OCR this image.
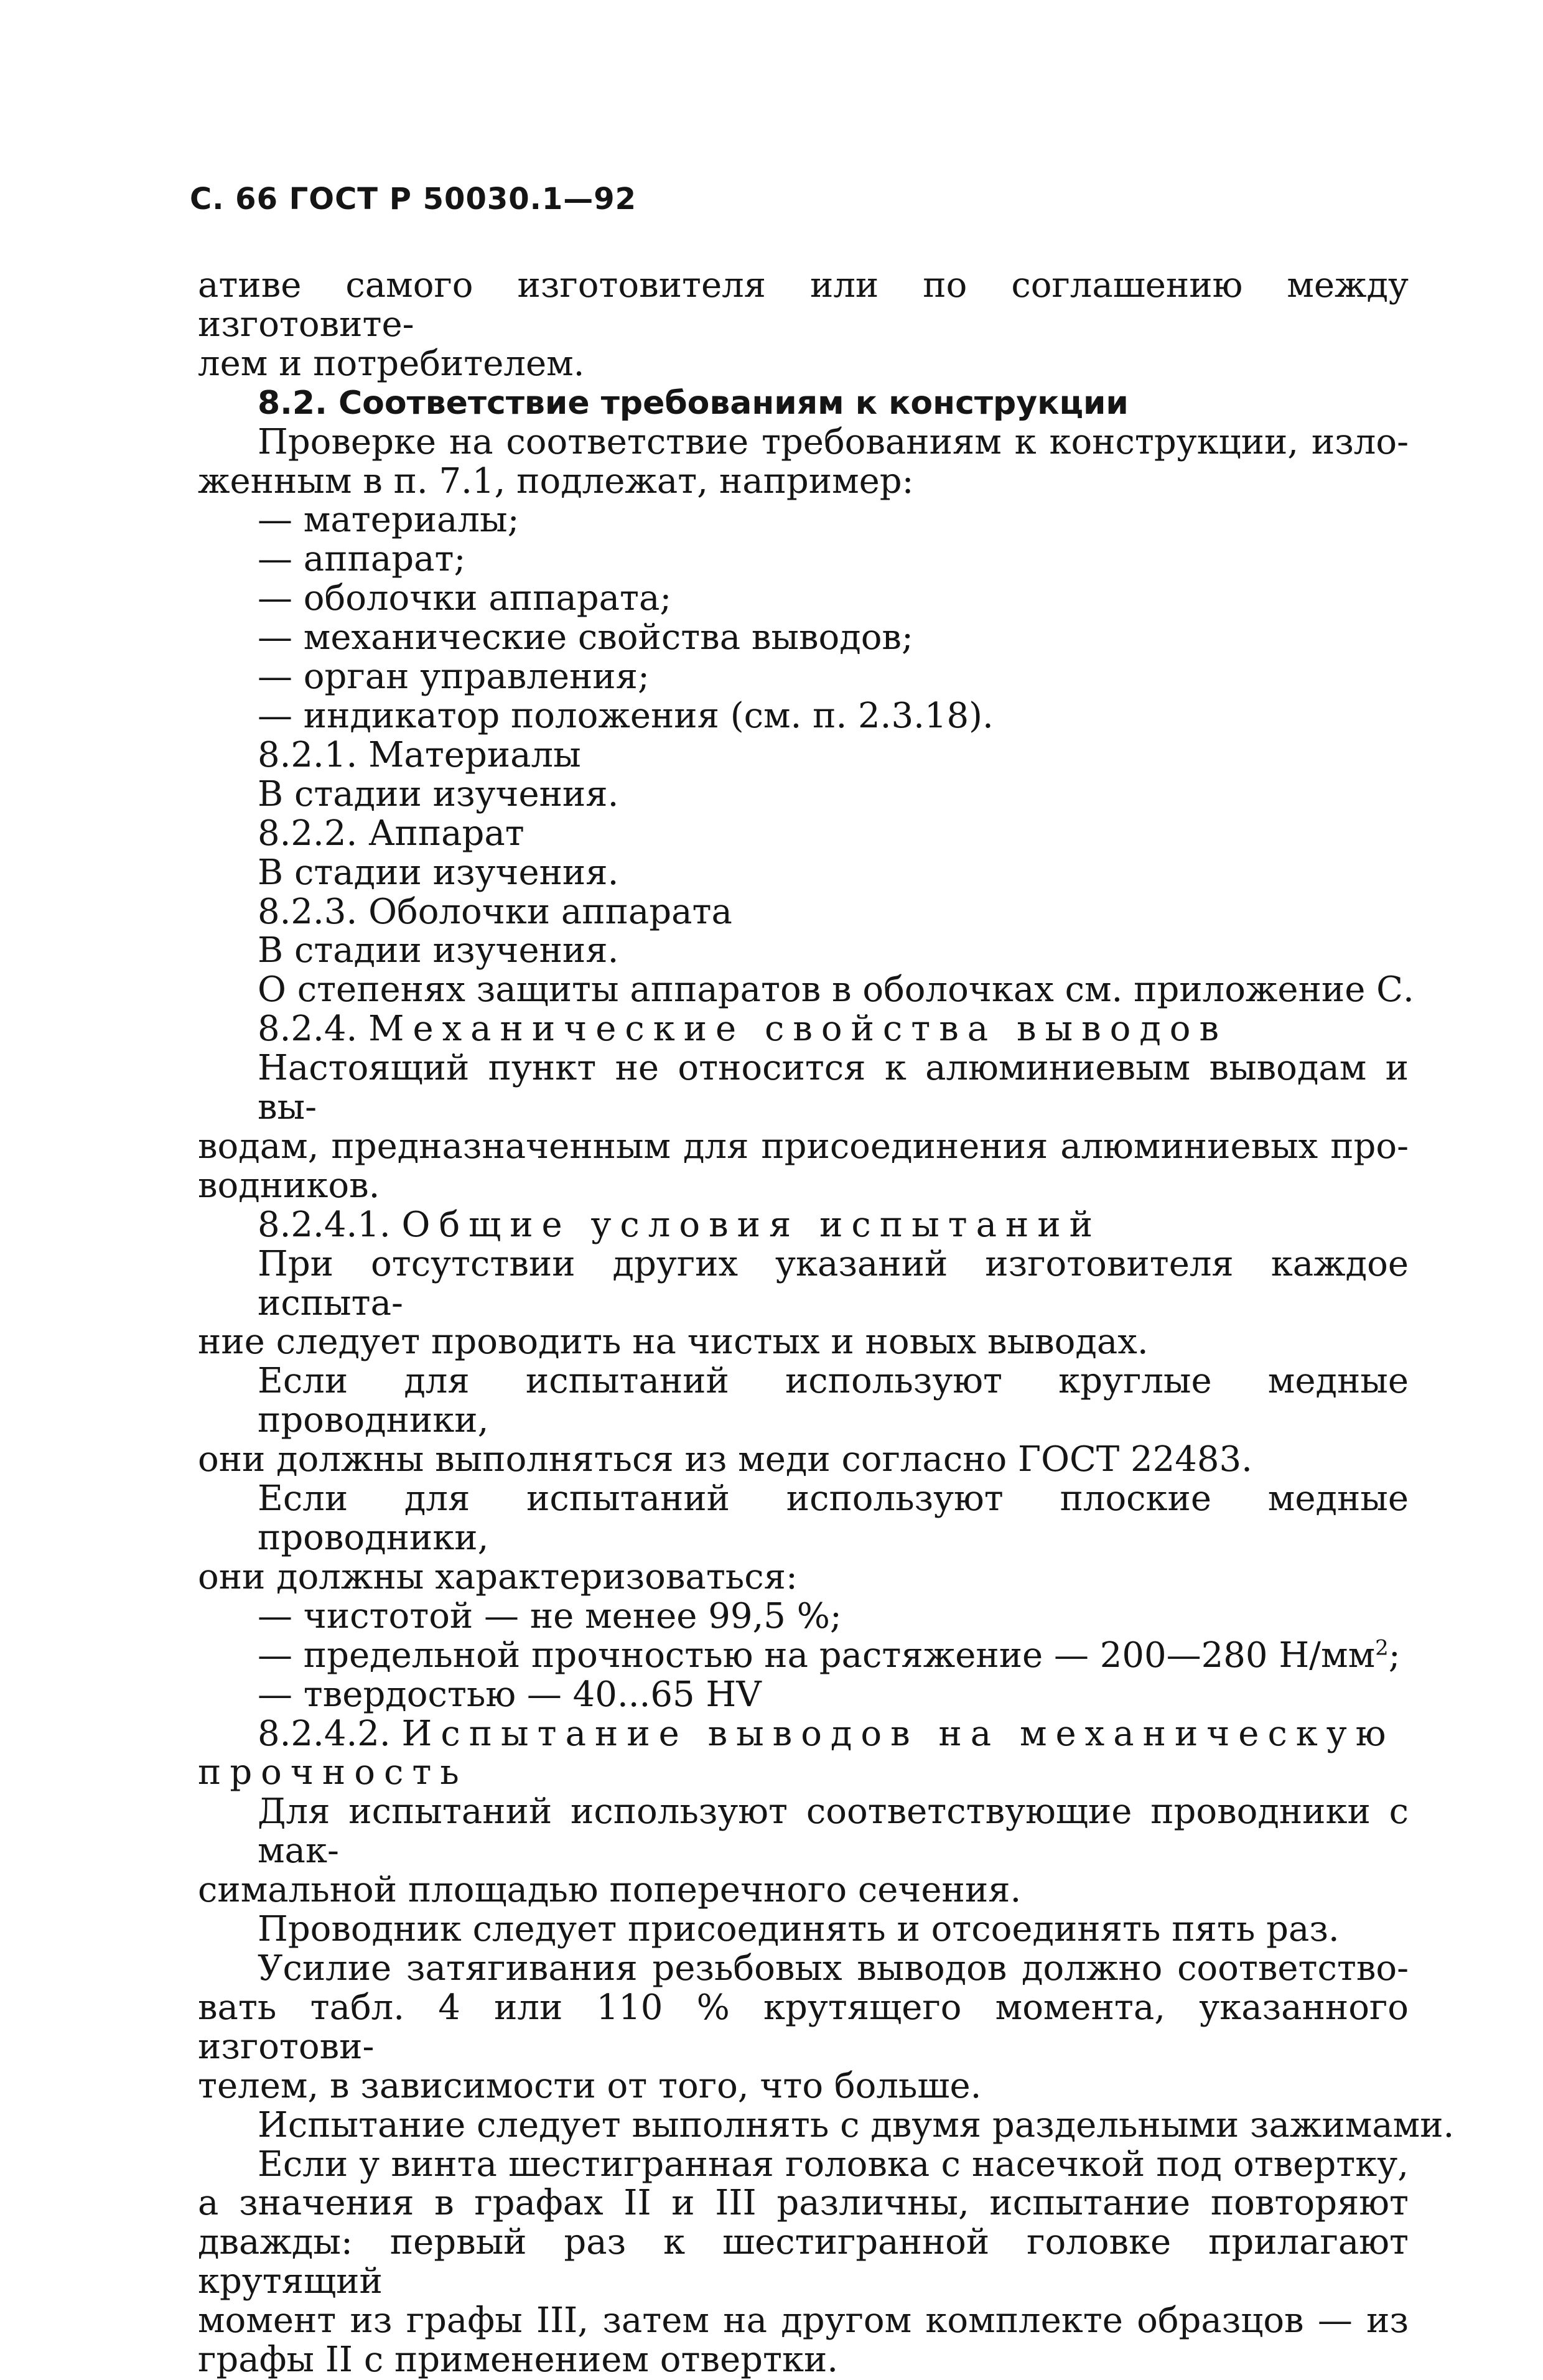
С. 66 ГОСТ Р 50030.1—92

ативе самого изготовителя или по соглашению между изготовите-

лем и потребителем.

8.2. Соответствие требованиям к конструкции

Проверке на соответствие требованиям к конструкции, изло-

женным в п. 7.1, подлежат, например:

— материалы;

— аппарат;

— оболочки аппарата;

— механические свойства выводов;

— орган управления;

— индикатор положения (см. п. 2.3.18).

8.2.1. Материалы

В стадии изучения.

8.2.2. Аппарат

В стадии изучения.

8.2.3. Оболочки аппарата

В стадии изучения.

О степенях защиты аппаратов в оболочках см. приложение С.

8.2.4. Механические свойства выводов

Настоящий пункт не относится к алюминиевым выводам и вы-

водам, предназначенным для присоединения алюминиевых про-

водников.

8.2.4.1. Общие условия испытаний

При отсутствии других указаний изготовителя каждое испыта-

ние следует проводить на чистых и новых выводах.

Если для испытаний используют круглые медные проводники,

они должны выполняться из меди согласно ГОСТ 22483.

Если для испытаний используют плоские медные проводники,

они должны характеризоваться:

— чистотой — не менее 99,5 %;

— предельной прочностью на растяжение — 200—280 $Н/мм^2$;

— твердостью — 40...65 HV

8.2.4.2. Испытание выводов на механическую

прочность

Для испытаний используют соответствующие проводники с мак-

симальной площадью поперечного сечения.

Проводник следует присоединять и отсоединять пять раз.

Усилие затягивания резьбовых выводов должно соответство-

вать табл. 4 или 110 % крутящего момента, указанного изготови-

телем, в зависимости от того, что больше.

Испытание следует выполнять с двумя раздельными зажимами.

Если у винта шестигранная головка с насечкой под отвертку,

а значения в графах II и III различны, испытание повторяют

дважды: первый раз к шестигранной головке прилагают крутящий

момент из графы III, затем на другом комплекте образцов — из

графы II с применением отвертки.
